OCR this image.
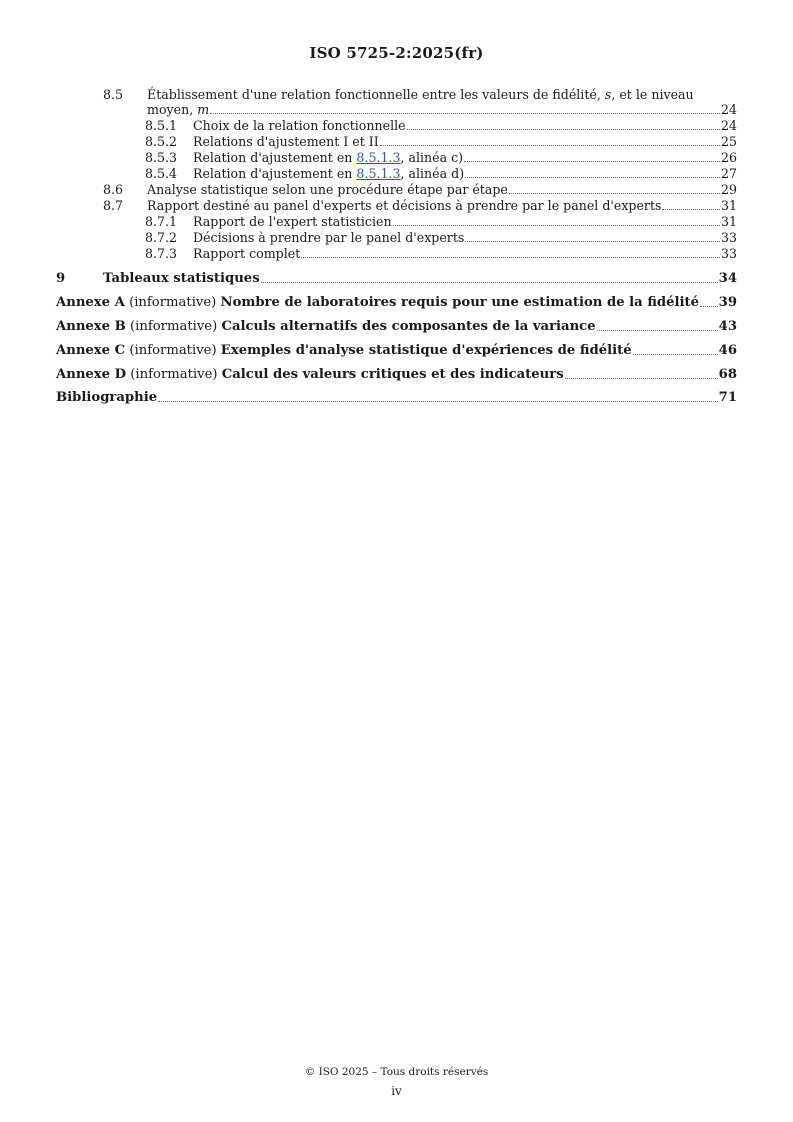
ISO 5725-2:2025(fr)
8.5	Établissement d'une relation fonctionnelle entre les valeurs de fidélité, s, et le niveau
moyen, m	24
8.5.1	Choix de la relation fonctionnelle	24
8.5.2	Relations d'ajustement I et II	25
8.5.3	Relation d'ajustement en 8.5.1.3, alinéa c)	26
8.5.4	Relation d'ajustement en 8.5.1.3, alinéa d)	27
8.6	Analyse statistique selon une procédure étape par étape	29
8.7	Rapport destiné au panel d'experts et décisions à prendre par le panel d'experts	31
8.7.1	Rapport de l'expert statisticien	31
8.7.2	Décisions à prendre par le panel d'experts	33
8.7.3	Rapport complet	33
9	Tableaux statistiques	34
Annexe A (informative) Nombre de laboratoires requis pour une estimation de la fidélité 39
Annexe B (informative) Calculs alternatifs des composantes de la variance	43
Annexe C (informative) Exemples d'analyse statistique d'expériences de fidélité	46
Annexe D (informative) Calcul des valeurs critiques et des indicateurs	68
Bibliographie	71
© ISO 2025 – Tous droits réservés
iv
